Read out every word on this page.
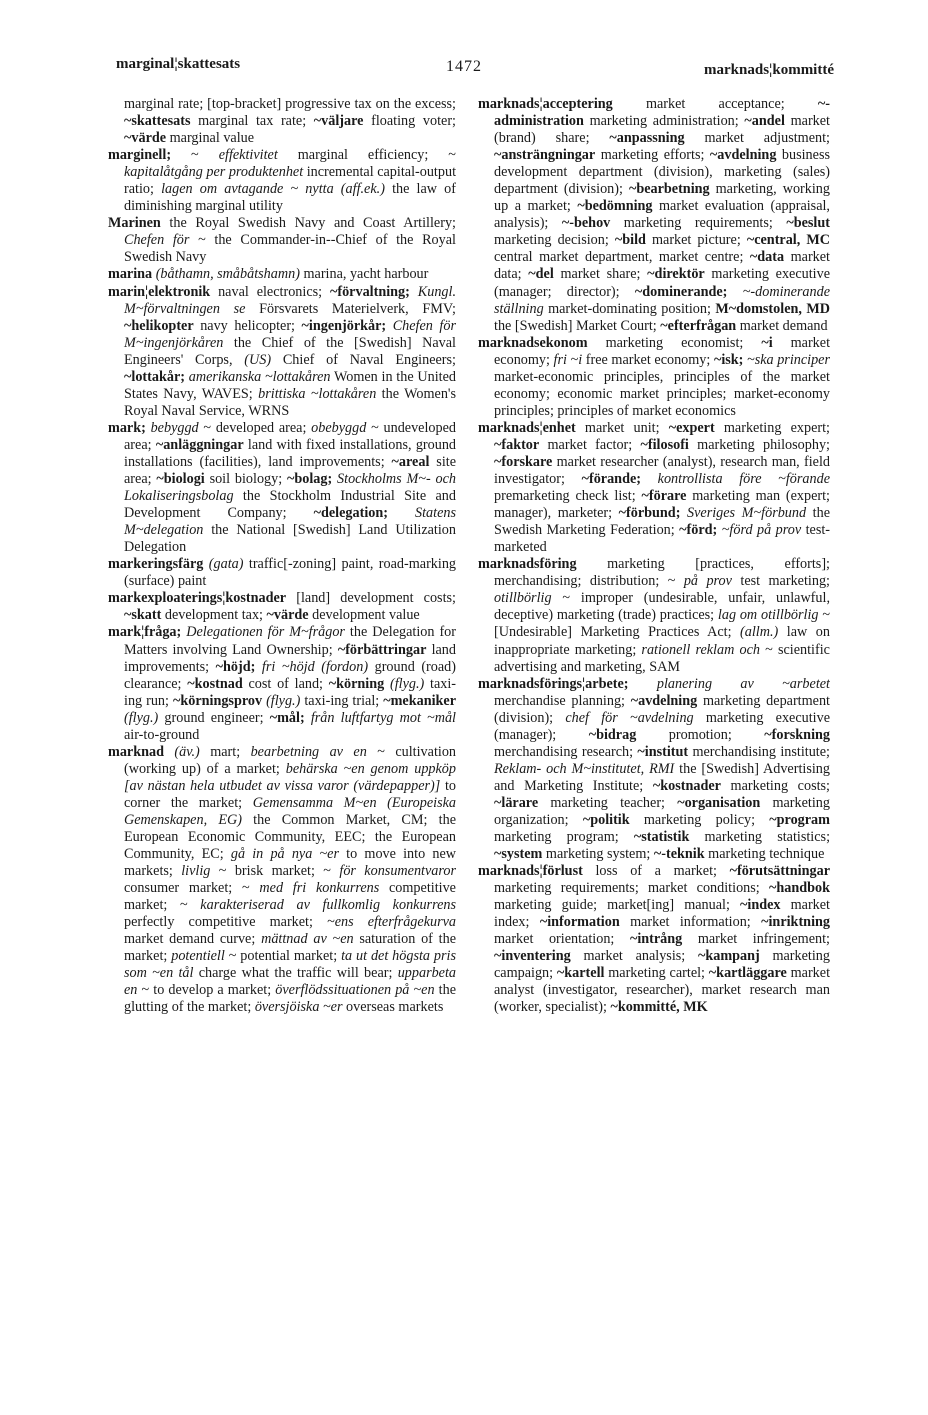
marginal¦skattesats	1472	marknads¦kommitté
marginal rate; [top-bracket] progressive tax on the excess; ~skattesats marginal tax rate; ~väljare floating voter; ~värde marginal value
marginell; ~ effektivitet marginal efficiency; ~ kapitalåtgång per produktenhet incremental capital-output ratio; lagen om avtagande ~ nytta (aff.ek.) the law of diminishing marginal utility
Marinen the Royal Swedish Navy and Coast Artillery; Chefen för ~ the Commander-in--Chief of the Royal Swedish Navy
marina (båthamn, småbåtshamn) marina, yacht harbour
marin¦elektronik naval electronics; ~förvaltning; Kungl. M~förvaltningen se Försvarets Materielverk, FMV; ~helikopter navy helicopter; ~ingenjörkår; Chefen för M~ingenjörkåren the Chief of the [Swedish] Naval Engineers' Corps, (US) Chief of Naval Engineers; ~lottakår; amerikanska ~lottakåren Women in the United States Navy, WAVES; brittiska ~lottakåren the Women's Royal Naval Service, WRNS
mark; bebyggd ~ developed area; obebyggd ~ undeveloped area; ~anläggningar land with fixed installations, ground installations (facilities), land improvements; ~areal site area; ~biologi soil biology; ~bolag; Stockholms M~- och Lokaliseringsbolag the Stockholm Industrial Site and Development Company; ~delegation; Statens M~delegation the National [Swedish] Land Utilization Delegation
markeringsfärg (gata) traffic[-zoning] paint, road-marking (surface) paint
markexploaterings¦kostnader [land] development costs; ~skatt development tax; ~värde development value
mark¦fråga; Delegationen för M~frågor the Delegation for Matters involving Land Ownership; ~förbättringar land improvements; ~höjd; fri ~höjd (fordon) ground (road) clearance; ~kostnad cost of land; ~körning (flyg.) taxi-ing run; ~körningsprov (flyg.) taxi-ing trial; ~mekaniker (flyg.) ground engineer; ~mål; från luftfartyg mot ~mål air-to-ground
marknad (äv.) mart; bearbetning av en ~ cultivation (working up) of a market; behärska ~en genom uppköp [av nästan hela utbudet av vissa varor (värdepapper)] to corner the market; Gemensamma M~en (Europeiska Gemenskapen, EG) the Common Market, CM; the European Economic Community, EEC; the European Community, EC; gå in på nya ~er to move into new markets; livlig ~ brisk market; ~ för konsumentvaror consumer market; ~ med fri konkurrens competitive market; ~ karakteriserad av fullkomlig konkurrens perfectly competitive market; ~ens efterfrågekurva market demand curve; mättnad av ~en saturation of the market; potentiell ~ potential market; ta ut det högsta pris som ~en tål charge what the traffic will bear; upparbeta en ~ to develop a market; överflödssituationen på ~en the glutting of the market; översjöiska ~er overseas markets
marknads¦acceptering market acceptance; ~-administration marketing administration; ~andel market (brand) share; ~anpassning market adjustment; ~ansträngningar marketing efforts; ~avdelning business development department (division), marketing (sales) department (division); ~bearbetning marketing, working up a market; ~bedömning market evaluation (appraisal, analysis); ~-behov marketing requirements; ~beslut marketing decision; ~bild market picture; ~central, MC central market department, market centre; ~data market data; ~del market share; ~direktör marketing executive (manager; director); ~dominerande; ~-dominerande ställning market-dominating position; M~domstolen, MD the [Swedish] Market Court; ~efterfrågan market demand
marknadsekonom marketing economist; ~i market economy; fri ~i free market economy; ~isk; ~ska principer market-economic principles, principles of the market economy; economic market principles; market-economy principles; principles of market economics
marknads¦enhet market unit; ~expert marketing expert; ~faktor market factor; ~filosofi marketing philosophy; ~forskare market researcher (analyst), research man, field investigator; ~förande; kontrollista före ~förande premarketing check list; ~förare marketing man (expert; manager), marketer; ~förbund; Sveriges M~förbund the Swedish Marketing Federation; ~förd; ~förd på prov test-marketed
marknadsföring marketing [practices, efforts]; merchandising; distribution; ~ på prov test marketing; otillbörlig ~ improper (undesirable, unfair, unlawful, deceptive) marketing (trade) practices; lag om otillbörlig ~ [Undesirable] Marketing Practices Act; (allm.) law on inappropriate marketing; rationell reklam och ~ scientific advertising and marketing, SAM
marknadsförings¦arbete; planering av ~arbetet merchandise planning; ~avdelning marketing department (division); chef för ~avdelning marketing executive (manager); ~bidrag promotion; ~forskning merchandising research; ~institut merchandising institute; Reklam- och M~institutet, RMI the [Swedish] Advertising and Marketing Institute; ~kostnader marketing costs; ~lärare marketing teacher; ~organisation marketing organization; ~politik marketing policy; ~program marketing program; ~statistik marketing statistics; ~system marketing system; ~-teknik marketing technique
marknads¦förlust loss of a market; ~förutsättningar marketing requirements; market conditions; ~handbok marketing guide; market[ing] manual; ~index market index; ~information market information; ~inriktning market orientation; ~intrång market infringement; ~inventering market analysis; ~kampanj marketing campaign; ~kartell marketing cartel; ~kartläggare market analyst (investigator, researcher), market research man (worker, specialist); ~kommitté, MK
